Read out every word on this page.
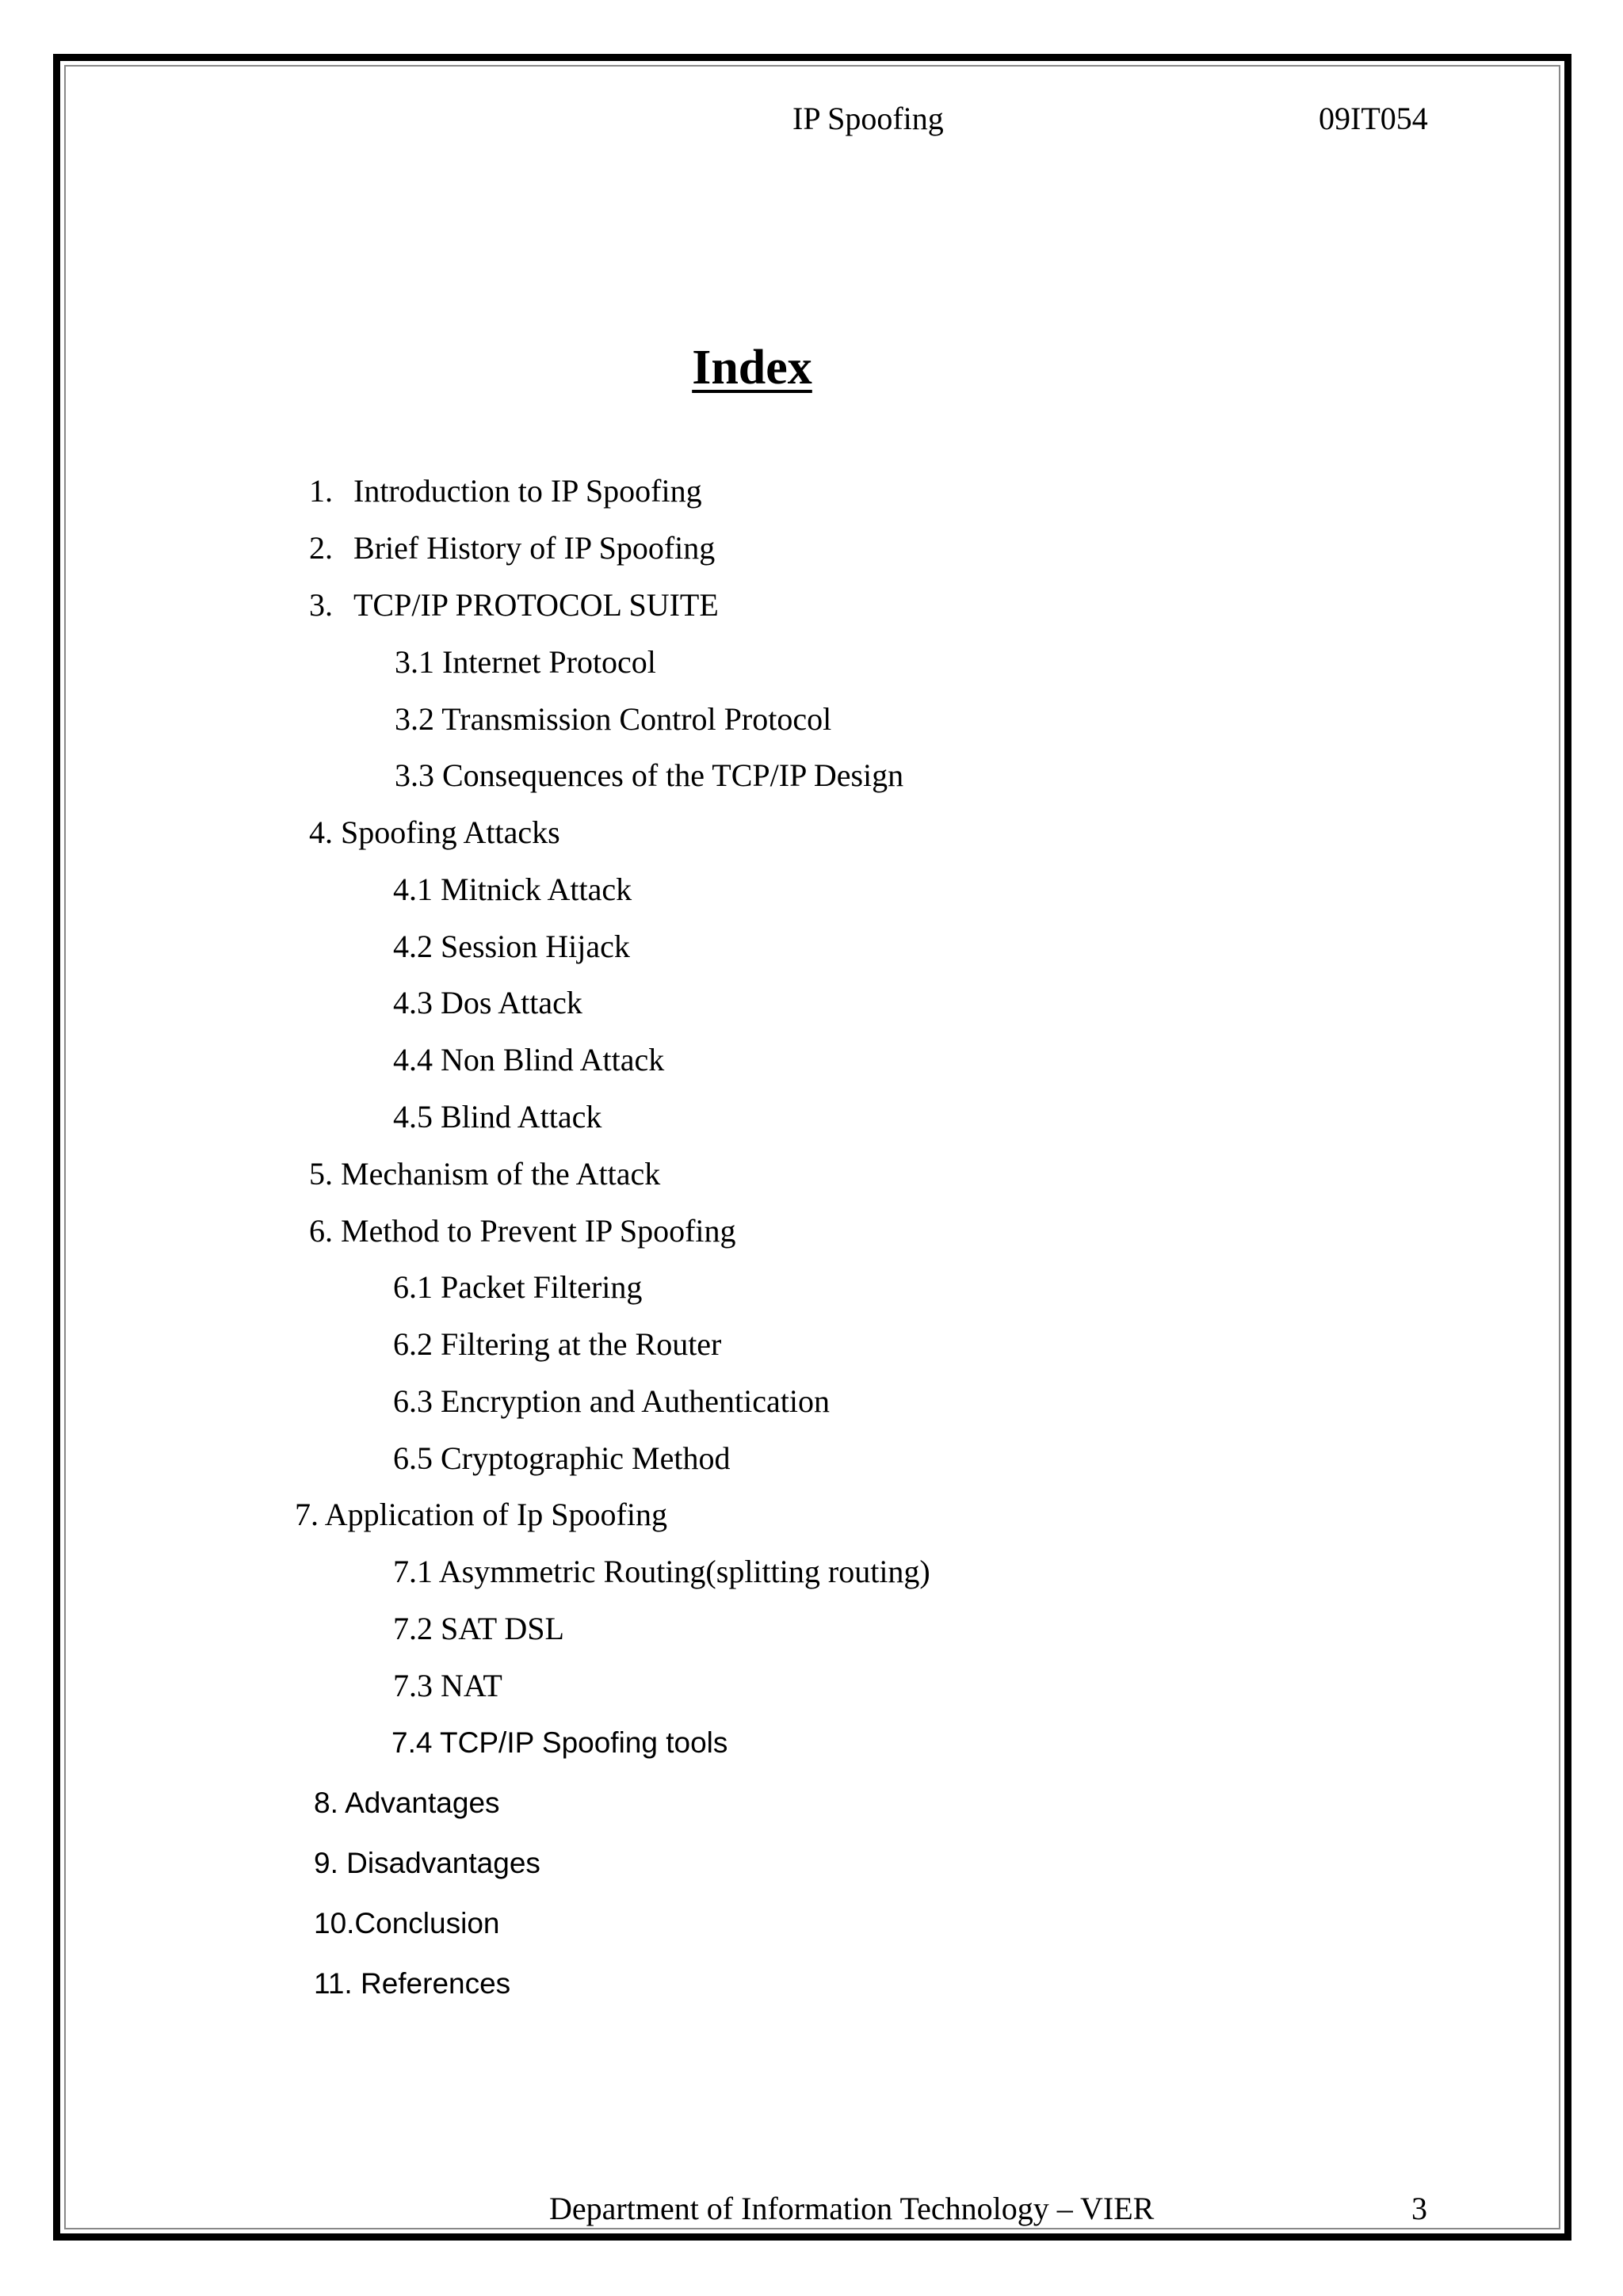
IP Spoofing	09IT054
Index
1. Introduction to IP Spoofing
2. Brief History of IP Spoofing
3. TCP/IP PROTOCOL SUITE
3.1 Internet Protocol
3.2 Transmission Control Protocol
3.3 Consequences of the TCP/IP Design
4. Spoofing Attacks
4.1 Mitnick Attack
4.2 Session Hijack
4.3 Dos Attack
4.4 Non Blind Attack
4.5 Blind Attack
5. Mechanism of the Attack
6. Method to Prevent IP Spoofing
6.1 Packet Filtering
6.2 Filtering at the Router
6.3 Encryption and Authentication
6.5 Cryptographic Method
7. Application of Ip Spoofing
7.1 Asymmetric Routing(splitting routing)
7.2 SAT DSL
7.3 NAT
7.4 TCP/IP Spoofing tools
8. Advantages
9. Disadvantages
10.Conclusion
11. References
Department of Information Technology – VIER	3
